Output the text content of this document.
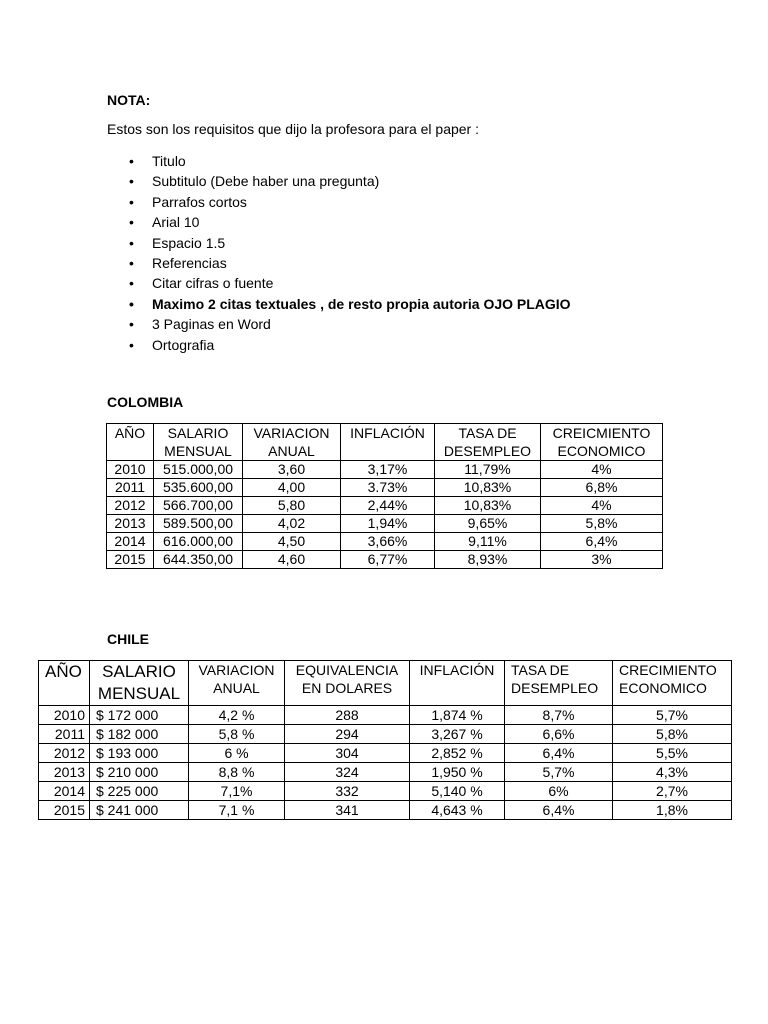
NOTA:
Estos son los requisitos que dijo la profesora para el paper :
• Titulo
• Subtitulo (Debe haber una pregunta)
• Parrafos cortos
• Arial 10
• Espacio 1.5
• Referencias
• Citar cifras o fuente
• Maximo 2 citas textuales , de resto propia autoria OJO PLAGIO
• 3 Paginas en Word
• Ortografia
COLOMBIA
AÑO	SALARIO MENSUAL	VARIACION ANUAL	INFLACIÓN	TASA DE DESEMPLEO	CREICMIENTO ECONOMICO
2010	515.000,00	3,60	3,17%	11,79%	4%
2011	535.600,00	4,00	3.73%	10,83%	6,8%
2012	566.700,00	5,80	2,44%	10,83%	4%
2013	589.500,00	4,02	1,94%	9,65%	5,8%
2014	616.000,00	4,50	3,66%	9,11%	6,4%
2015	644.350,00	4,60	6,77%	8,93%	3%
CHILE
AÑO	SALARIO MENSUAL	VARIACION ANUAL	EQUIVALENCIA EN DOLARES	INFLACIÓN	TASA DE DESEMPLEO	CRECIMIENTO ECONOMICO
2010	$ 172 000	4,2 %	288	1,874 %	8,7%	5,7%
2011	$ 182 000	5,8 %	294	3,267 %	6,6%	5,8%
2012	$ 193 000	6 %	304	2,852 %	6,4%	5,5%
2013	$ 210 000	8,8 %	324	1,950 %	5,7%	4,3%
2014	$ 225 000	7,1%	332	5,140 %	6%	2,7%
2015	$ 241 000	7,1 %	341	4,643 %	6,4%	1,8%
